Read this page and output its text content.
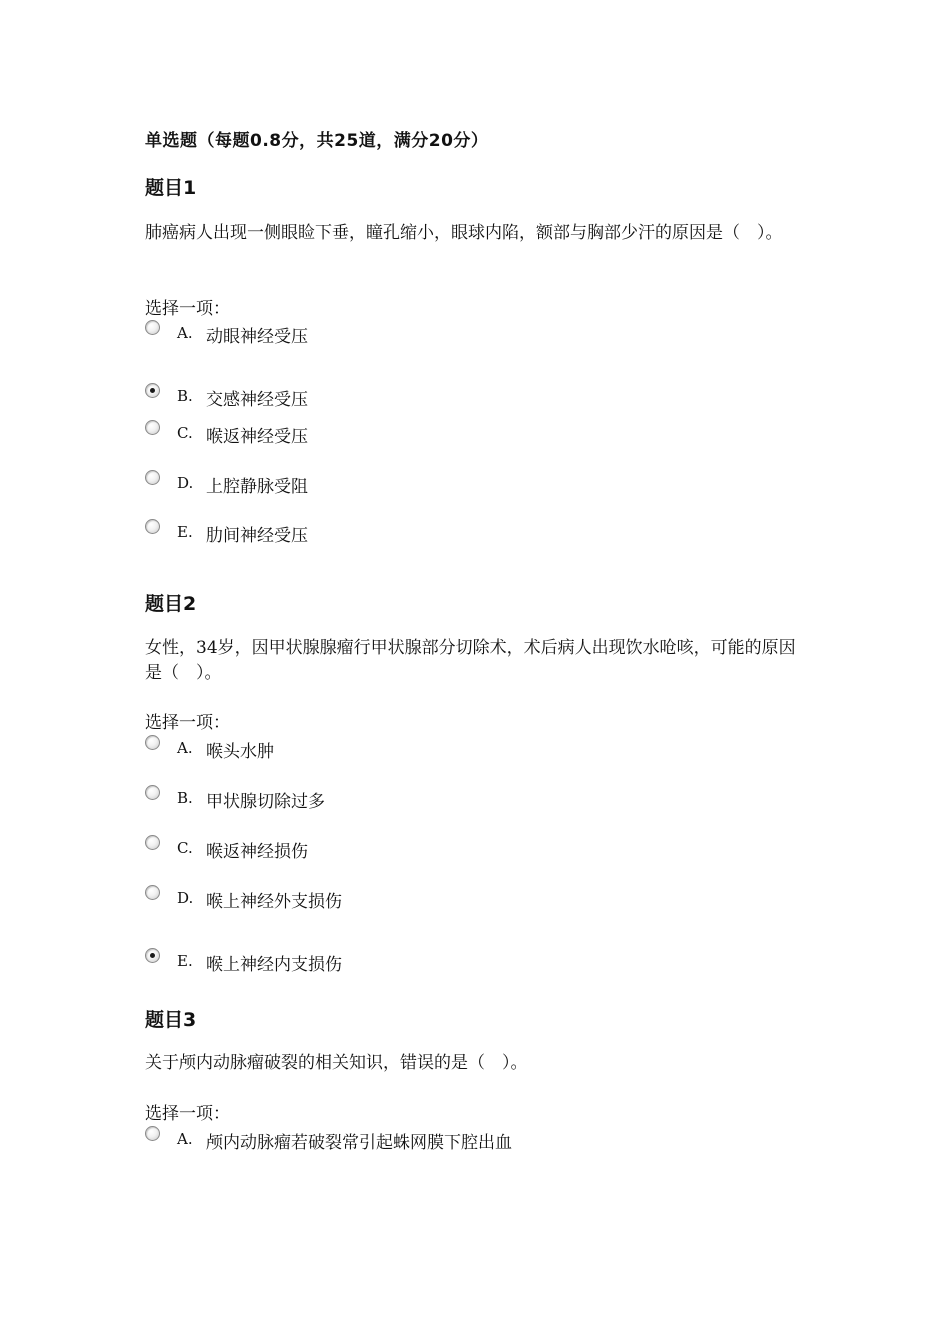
单选题（每题0.8分，共25道，满分20分）
题目1
肺癌病人出现一侧眼睑下垂，瞳孔缩小，眼球内陷，额部与胸部少汗的原因是（　）。
选择一项：
A. 动眼神经受压
B. 交感神经受压
C. 喉返神经受压
D. 上腔静脉受阻
E. 肋间神经受压
题目2
女性，34岁，因甲状腺腺瘤行甲状腺部分切除术，术后病人出现饮水呛咳，可能的原因是（　）。
选择一项：
A. 喉头水肿
B. 甲状腺切除过多
C. 喉返神经损伤
D. 喉上神经外支损伤
E. 喉上神经内支损伤
题目3
关于颅内动脉瘤破裂的相关知识，错误的是（　）。
选择一项：
A. 颅内动脉瘤若破裂常引起蛛网膜下腔出血
